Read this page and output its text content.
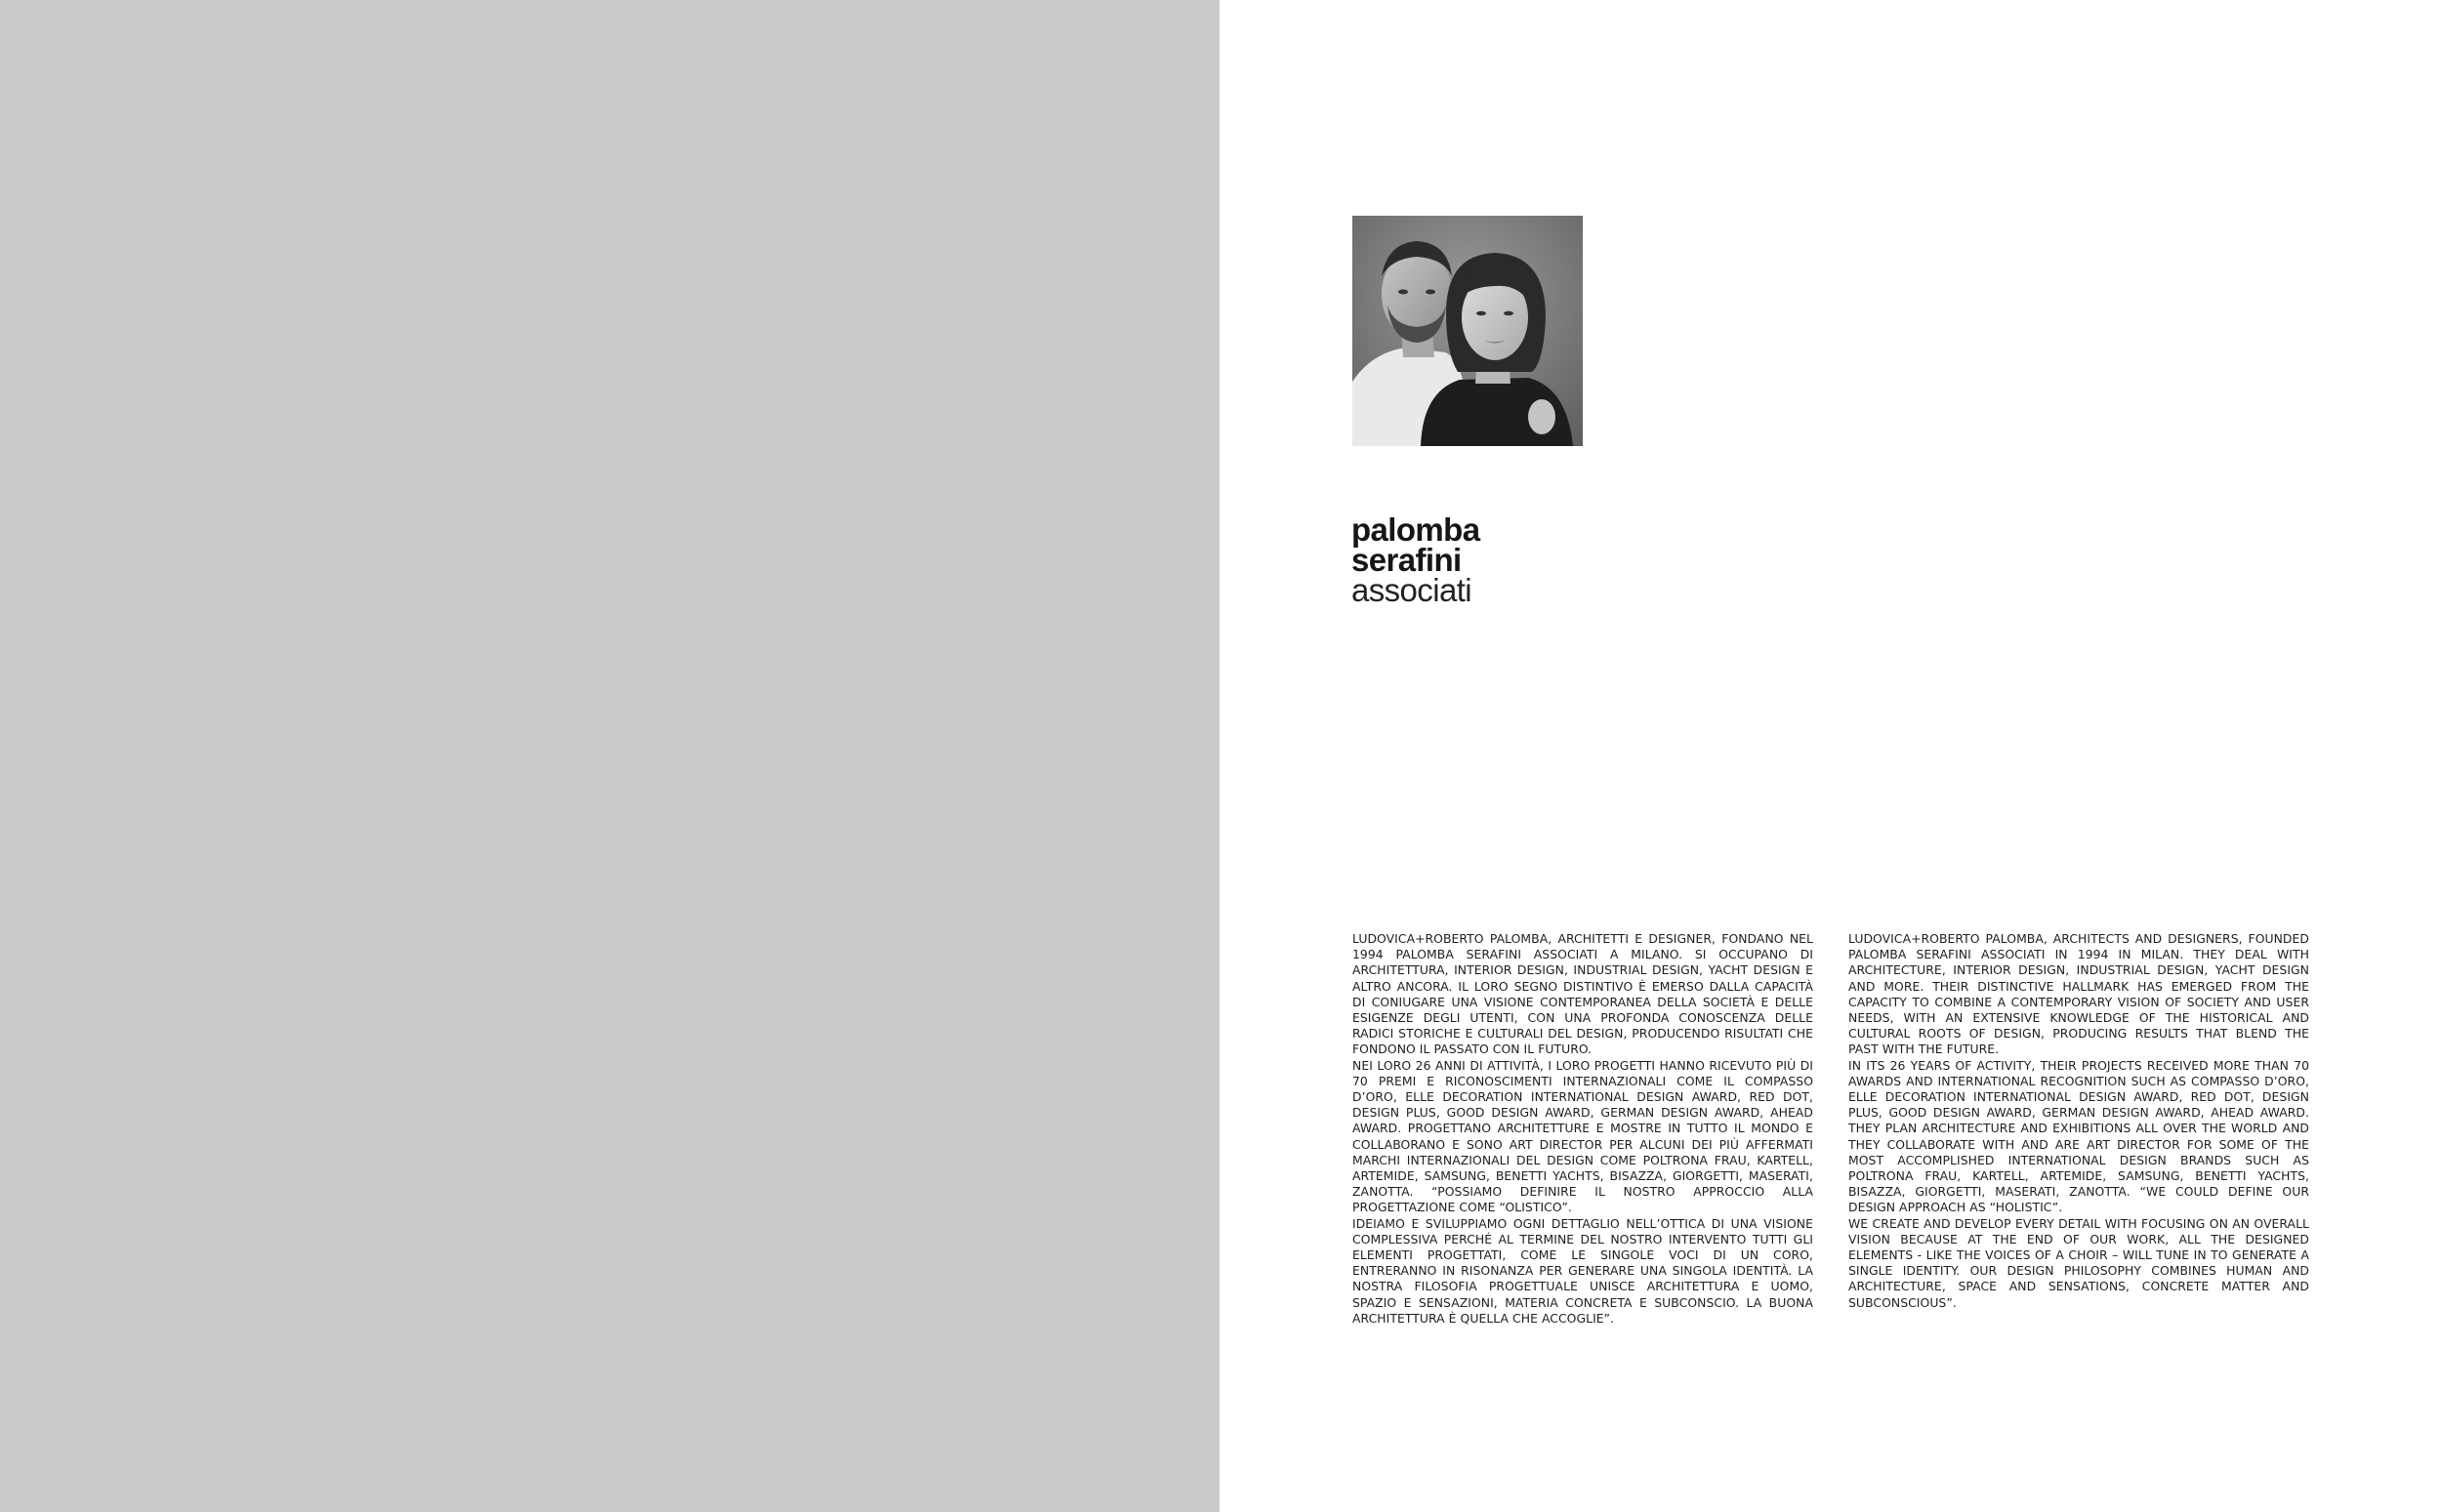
palomba
serafini
associati

LUDOVICA+ROBERTO PALOMBA, ARCHITETTI E DESIGNER, FONDANO NEL 1994 PALOMBA SERAFINI ASSOCIATI A MILANO. SI OCCUPANO DI ARCHITETTURA, INTERIOR DESIGN, INDUSTRIAL DESIGN, YACHT DESIGN E ALTRO ANCORA. IL LORO SEGNO DISTINTIVO È EMERSO DALLA CAPACITÀ DI CONIUGARE UNA VISIONE CONTEMPORANEA DELLA SOCIETÀ E DELLE ESIGENZE DEGLI UTENTI, CON UNA PROFONDA CONOSCENZA DELLE RADICI STORICHE E CULTURALI DEL DESIGN, PRODUCENDO RISULTATI CHE FONDONO IL PASSATO CON IL FUTURO.

NEI LORO 26 ANNI DI ATTIVITÀ, I LORO PROGETTI HANNO RICEVUTO PIÙ DI 70 PREMI E RICONOSCIMENTI INTERNAZIONALI COME IL COMPASSO D’ORO, ELLE DECORATION INTERNATIONAL DESIGN AWARD, RED DOT, DESIGN PLUS, GOOD DESIGN AWARD, GERMAN DESIGN AWARD, AHEAD AWARD. PROGETTANO ARCHITETTURE E MOSTRE IN TUTTO IL MONDO E COLLABORANO E SONO ART DIRECTOR PER ALCUNI DEI PIÙ AFFERMATI MARCHI INTERNAZIONALI DEL DESIGN COME POLTRONA FRAU, KARTELL, ARTEMIDE, SAMSUNG, BENETTI YACHTS, BISAZZA, GIORGETTI, MASERATI, ZANOTTA. “POSSIAMO DEFINIRE IL NOSTRO APPROCCIO ALLA PROGETTAZIONE COME “OLISTICO”.

IDEIAMO E SVILUPPIAMO OGNI DETTAGLIO NELL’OTTICA DI UNA VISIONE COMPLESSIVA PERCHÉ AL TERMINE DEL NOSTRO INTERVENTO TUTTI GLI ELEMENTI PROGETTATI, COME LE SINGOLE VOCI DI UN CORO, ENTRERANNO IN RISONANZA PER GENERARE UNA SINGOLA IDENTITÀ. LA NOSTRA FILOSOFIA PROGETTUALE UNISCE ARCHITETTURA E UOMO, SPAZIO E SENSAZIONI, MATERIA CONCRETA E SUBCONSCIO. LA BUONA ARCHITETTURA È QUELLA CHE ACCOGLIE”.

LUDOVICA+ROBERTO PALOMBA, ARCHITECTS AND DESIGNERS, FOUNDED PALOMBA SERAFINI ASSOCIATI IN 1994 IN MILAN. THEY DEAL WITH ARCHITECTURE, INTERIOR DESIGN, INDUSTRIAL DESIGN, YACHT DESIGN AND MORE. THEIR DISTINCTIVE HALLMARK HAS EMERGED FROM THE CAPACITY TO COMBINE A CONTEMPORARY VISION OF SOCIETY AND USER NEEDS, WITH AN EXTENSIVE KNOWLEDGE OF THE HISTORICAL AND CULTURAL ROOTS OF DESIGN, PRODUCING RESULTS THAT BLEND THE PAST WITH THE FUTURE.

IN ITS 26 YEARS OF ACTIVITY, THEIR PROJECTS RECEIVED MORE THAN 70 AWARDS AND INTERNATIONAL RECOGNITION SUCH AS COMPASSO D’ORO, ELLE DECORATION INTERNATIONAL DESIGN AWARD, RED DOT, DESIGN PLUS, GOOD DESIGN AWARD, GERMAN DESIGN AWARD, AHEAD AWARD. THEY PLAN ARCHITECTURE AND EXHIBITIONS ALL OVER THE WORLD AND THEY COLLABORATE WITH AND ARE ART DIRECTOR FOR SOME OF THE MOST ACCOMPLISHED INTERNATIONAL DESIGN BRANDS SUCH AS POLTRONA FRAU, KARTELL, ARTEMIDE, SAMSUNG, BENETTI YACHTS, BISAZZA, GIORGETTI, MASERATI, ZANOTTA. “WE COULD DEFINE OUR DESIGN APPROACH AS “HOLISTIC”.

WE CREATE AND DEVELOP EVERY DETAIL WITH FOCUSING ON AN OVERALL VISION BECAUSE AT THE END OF OUR WORK, ALL THE DESIGNED ELEMENTS - LIKE THE VOICES OF A CHOIR – WILL TUNE IN TO GENERATE A SINGLE IDENTITY. OUR DESIGN PHILOSOPHY COMBINES HUMAN AND ARCHITECTURE, SPACE AND SENSATIONS, CONCRETE MATTER AND SUBCONSCIOUS”.
